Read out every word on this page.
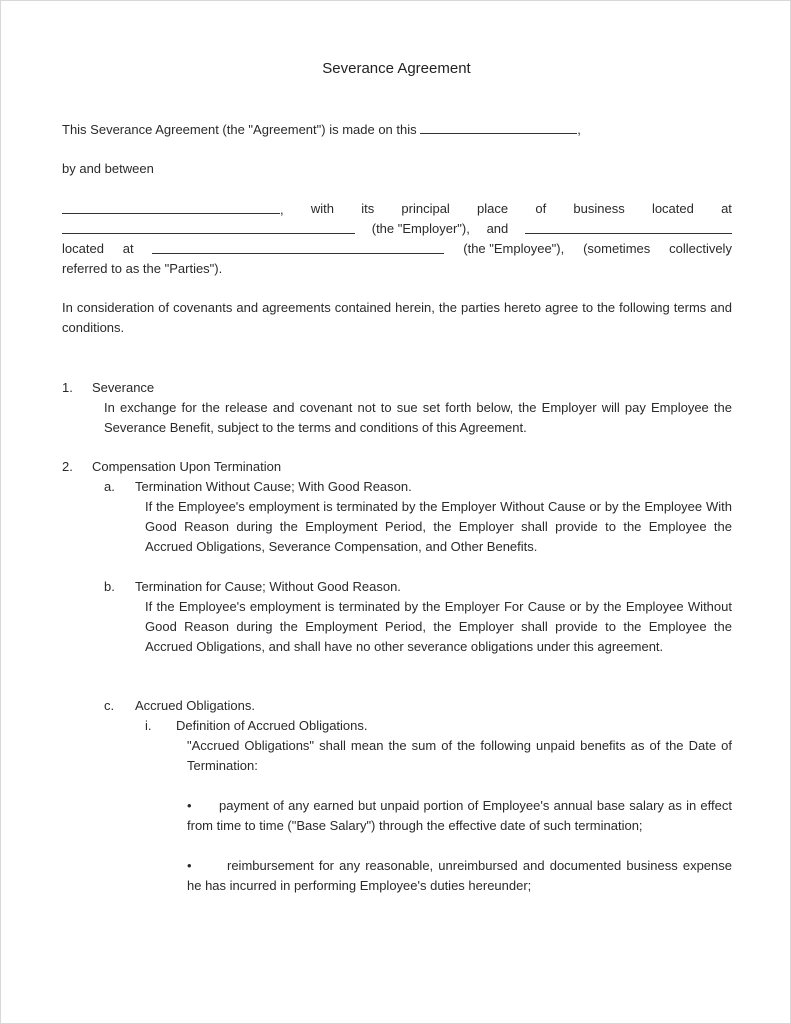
Severance Agreement
This Severance Agreement (the "Agreement") is made on this	,
by and between
, with its principal place of business located at
(the "Employer"), and
located at	(the "Employee"), (sometimes collectively
referred to as the "Parties").
In consideration of covenants and agreements contained herein, the parties hereto agree to the following terms and conditions.
1. Severance
In exchange for the release and covenant not to sue set forth below, the Employer will pay Employee the Severance Benefit, subject to the terms and conditions of this Agreement.
2. Compensation Upon Termination
a. Termination Without Cause; With Good Reason.
If the Employee's employment is terminated by the Employer Without Cause or by the Employee With Good Reason during the Employment Period, the Employer shall provide to the Employee the Accrued Obligations, Severance Compensation, and Other Benefits.
b. Termination for Cause; Without Good Reason.
If the Employee's employment is terminated by the Employer For Cause or by the Employee Without Good Reason during the Employment Period, the Employer shall provide to the Employee the Accrued Obligations, and shall have no other severance obligations under this agreement.
c. Accrued Obligations.
i. Definition of Accrued Obligations.
"Accrued Obligations" shall mean the sum of the following unpaid benefits as of the Date of Termination:
• payment of any earned but unpaid portion of Employee's annual base salary as in effect from time to time ("Base Salary") through the effective date of such termination;
•	reimbursement for any reasonable, unreimbursed and documented business expense he has incurred in performing Employee's duties hereunder;
